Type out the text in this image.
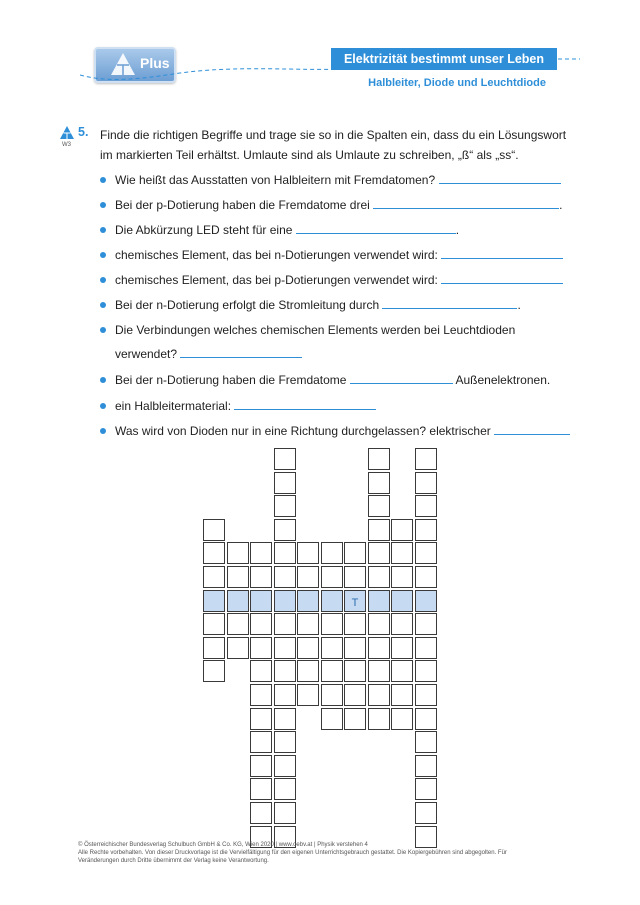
Plus	Elektrizität bestimmt unser Leben
Halbleiter, Diode und Leuchtdiode
W3
5. Finde die richtigen Begriffe und trage sie so in die Spalten ein, dass du ein Lösungswort im markierten Teil erhältst. Umlaute sind als Umlaute zu schreiben, „ß“ als „ss“.
Wie heißt das Ausstatten von Halbleitern mit Fremdatomen?
Bei der p-Dotierung haben die Fremdatome drei	.
Die Abkürzung LED steht für eine	.
chemisches Element, das bei n-Dotierungen verwendet wird:
chemisches Element, das bei p-Dotierungen verwendet wird:
Bei der n-Dotierung erfolgt die Stromleitung durch	.
Die Verbindungen welches chemischen Elements werden bei Leuchtdioden
verwendet?
Bei der n-Dotierung haben die Fremdatome	Außenelektronen.
ein Halbleitermaterial:
Was wird von Dioden nur in eine Richtung durchgelassen? elektrischer
T
© Österreichischer Bundesverlag Schulbuch GmbH & Co. KG, Wien 2020 | www.oebv.at | Physik verstehen 4
Alle Rechte vorbehalten. Von dieser Druckvorlage ist die Vervielfältigung für den eigenen Unterrichtsgebrauch gestattet. Die Kopiergebühren sind abgegolten. Für
Veränderungen durch Dritte übernimmt der Verlag keine Verantwortung.
